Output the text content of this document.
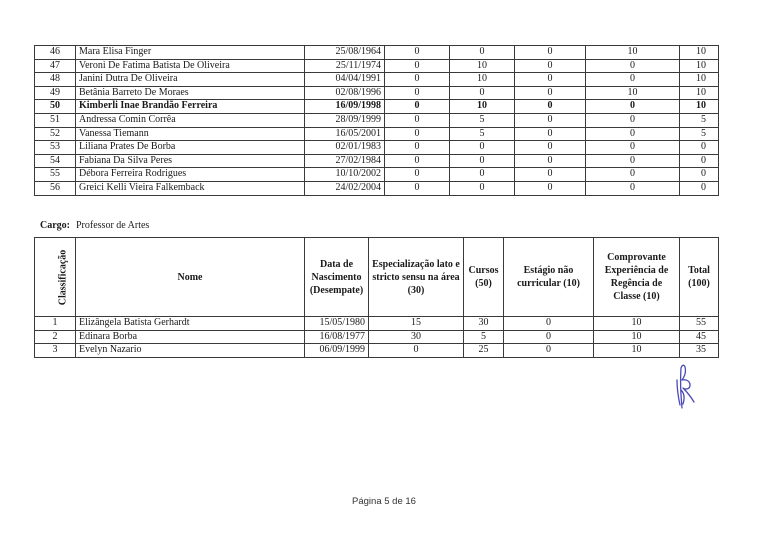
46	Mara Elisa Finger	25/08/1964	0	0	0	10	10
47	Veroni De Fatima Batista De Oliveira	25/11/1974	0	10	0	0	10
48	Janini Dutra De Oliveira	04/04/1991	0	10	0	0	10
49	Betânia Barreto De Moraes	02/08/1996	0	0	0	10	10
50	Kimberli Inae Brandão Ferreira	16/09/1998	0	10	0	0	10
51	Andressa Comin Corrêa	28/09/1999	0	5	0	0	5
52	Vanessa Tiemann	16/05/2001	0	5	0	0	5
53	Liliana Prates De Borba	02/01/1983	0	0	0	0	0
54	Fabiana Da Silva Peres	27/02/1984	0	0	0	0	0
55	Débora Ferreira Rodrigues	10/10/2002	0	0	0	0	0
56	Greici Kelli Vieira Falkemback	24/02/2004	0	0	0	0	0
Cargo: Professor de Artes
Classificação	Nome	Data de Nascimento (Desempate)	Especialização lato e stricto sensu na área (30)	Cursos (50)	Estágio não curricular (10)	Comprovante Experiência de Regência de Classe (10)	Total (100)
1	Elizângela Batista Gerhardt	15/05/1980	15	30	0	10	55
2	Edinara Borba	16/08/1977	30	5	0	10	45
3	Evelyn Nazario	06/09/1999	0	25	0	10	35
Página 5 de 16
